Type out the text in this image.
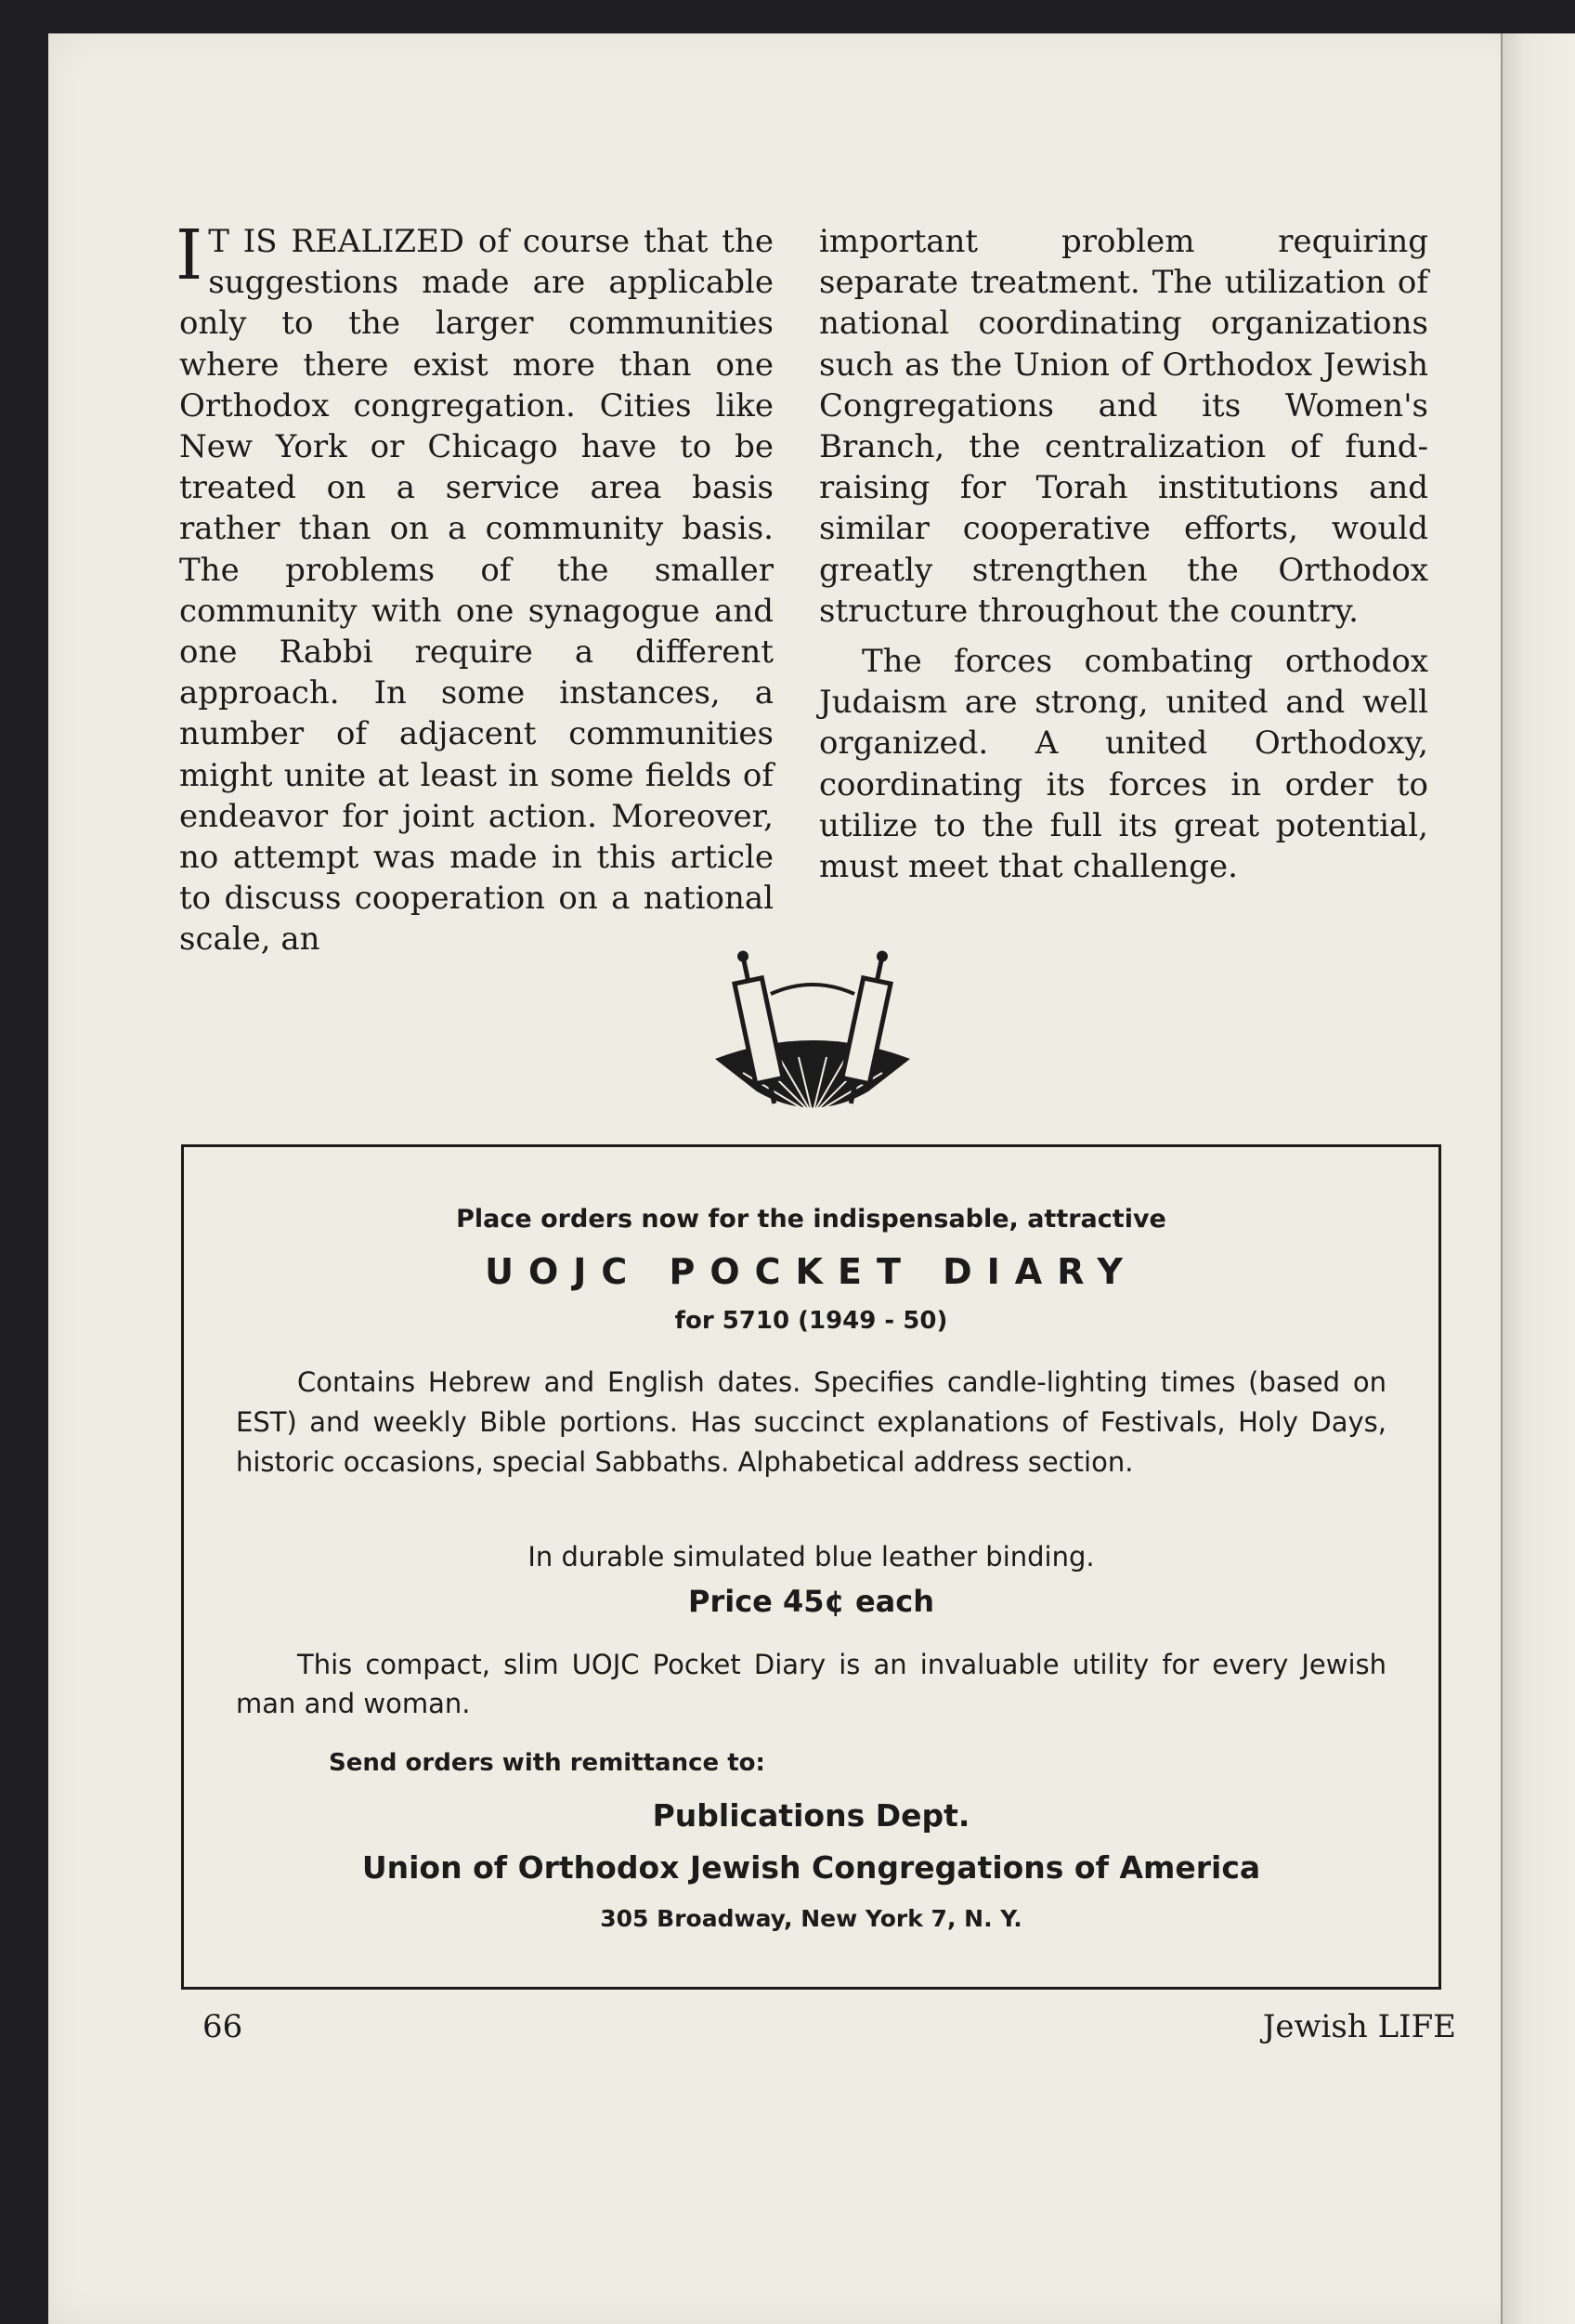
I T IS REALIZED of course that the suggestions made are applicable only to the larger communities where there exist more than one Orthodox congregation. Cities like New York or Chicago have to be treated on a service area basis rather than on a community basis. The problems of the smaller community with one synagogue and one Rabbi require a different approach. In some instances, a number of adjacent communities might unite at least in some fields of endeavor for joint action. Moreover, no attempt was made in this article to discuss cooperation on a national scale, an

important problem requiring separate treatment. The utilization of national coordinating organizations such as the Union of Orthodox Jewish Congregations and its Women's Branch, the centralization of fund-raising for Torah institutions and similar cooperative efforts, would greatly strengthen the Orthodox structure throughout the country.

The forces combating orthodox Judaism are strong, united and well organized. A united Orthodoxy, coordinating its forces in order to utilize to the full its great potential, must meet that challenge.

Place orders now for the indispensable, attractive
UOJC POCKET DIARY
for 5710 (1949 - 50)
Contains Hebrew and English dates. Specifies candle-lighting times (based on EST) and weekly Bible portions. Has succinct explanations of Festivals, Holy Days, historic occasions, special Sabbaths. Alphabetical address section.
In durable simulated blue leather binding.
Price 45¢ each
This compact, slim UOJC Pocket Diary is an invaluable utility for every Jewish man and woman.
Send orders with remittance to:
Publications Dept.
Union of Orthodox Jewish Congregations of America
305 Broadway, New York 7, N. Y.
66	Jewish LIFE
